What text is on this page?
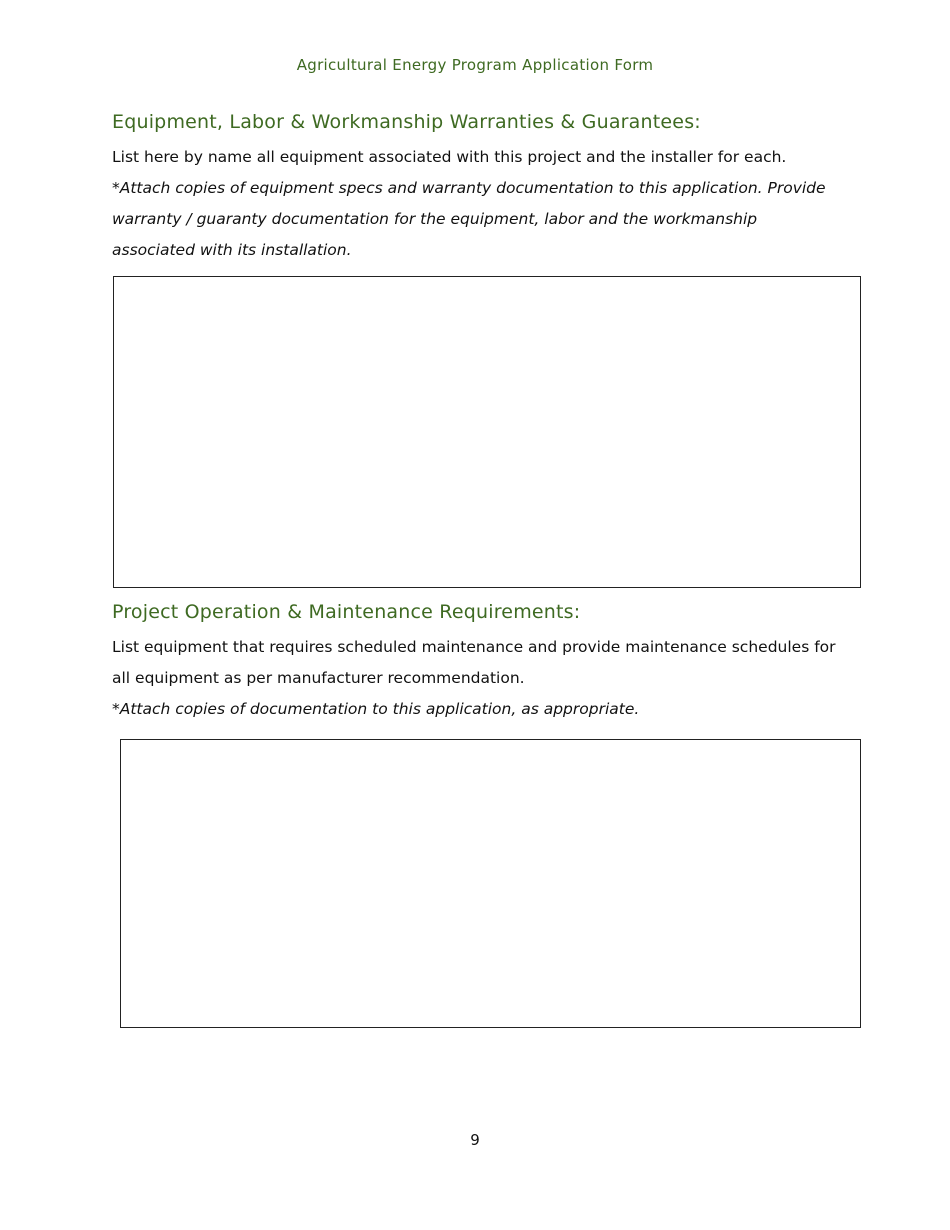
Agricultural Energy Program Application Form
Equipment, Labor & Workmanship Warranties & Guarantees:

List here by name all equipment associated with this project and the installer for each.

*Attach copies of equipment specs and warranty documentation to this application. Provide warranty / guaranty documentation for the equipment, labor and the workmanship associated with its installation.

Project Operation & Maintenance Requirements:

List equipment that requires scheduled maintenance and provide maintenance schedules for all equipment as per manufacturer recommendation.

*Attach copies of documentation to this application, as appropriate.

9
